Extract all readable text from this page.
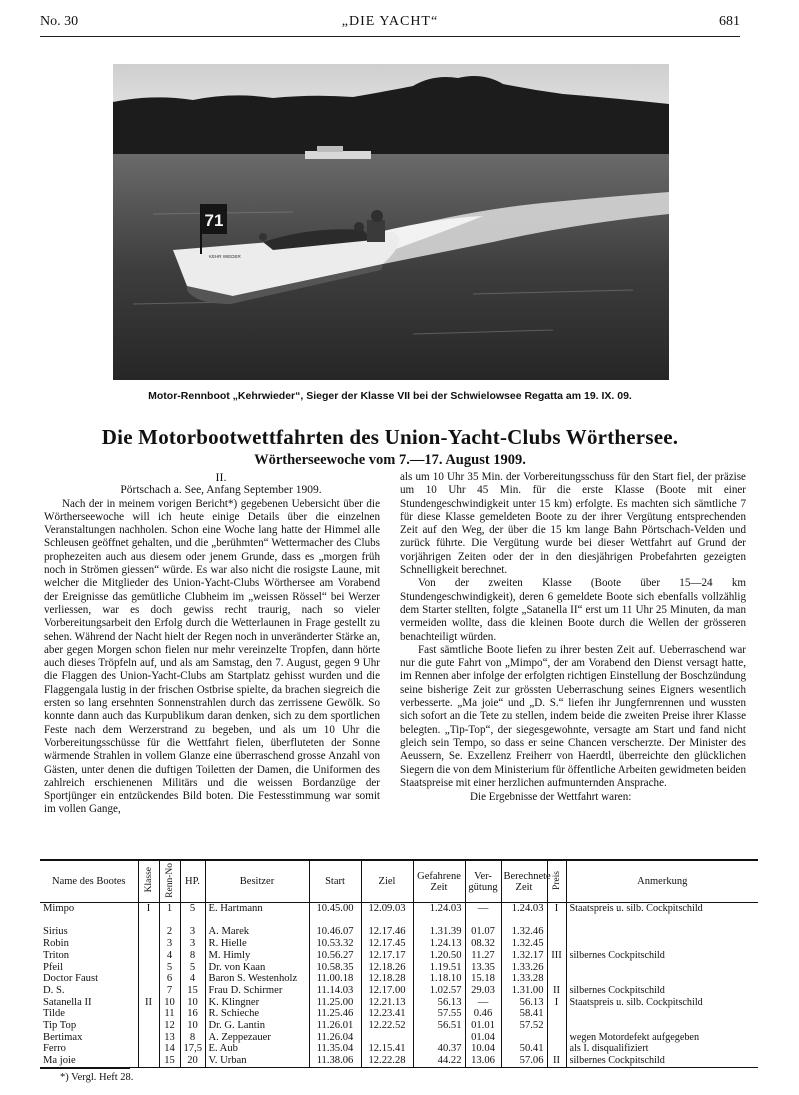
No. 30	„DIE YACHT“	681
71
KEHR WIEDER
Motor-Rennboot „Kehrwieder“, Sieger der Klasse VII bei der Schwielowsee Regatta am 19. IX. 09.
Die Motorbootwettfahrten des Union-Yacht-Clubs Wörthersee.
Wörtherseewoche vom 7.—17. August 1909.

II.

Pörtschach a. See, Anfang September 1909.

Nach der in meinem vorigen Bericht*) gegebenen Uebersicht über die Wörtherseewoche will ich heute einige Details über die einzelnen Veranstaltungen nachholen. Schon eine Woche lang hatte der Himmel alle Schleusen geöffnet gehalten, und die „berühmten“ Wettermacher des Clubs prophezeiten auch aus diesem oder jenem Grunde, dass es „morgen früh noch in Strömen giessen“ würde. Es war also nicht die rosigste Laune, mit welcher die Mitglieder des Union-Yacht-Clubs Wörthersee am Vorabend der Ereignisse das gemütliche Clubheim im „weissen Rössel“ bei Werzer verliessen, war es doch gewiss recht traurig, nach so vieler Vorbereitungsarbeit den Erfolg durch die Wetterlaunen in Frage gestellt zu sehen. Während der Nacht hielt der Regen noch in unveränderter Stärke an, aber gegen Morgen schon fielen nur mehr vereinzelte Tropfen, dann hörte auch dieses Tröpfeln auf, und als am Samstag, den 7. August, gegen 9 Uhr die Flaggen des Union-Yacht-Clubs am Startplatz gehisst wurden und die Flaggengala lustig in der frischen Ostbrise spielte, da brachen siegreich die ersten so lang ersehnten Sonnenstrahlen durch das zerrissene Gewölk. So konnte dann auch das Kurpublikum daran denken, sich zu dem sportlichen Feste nach dem Werzerstrand zu begeben, und als um 10 Uhr die Vorbereitungsschüsse für die Wettfahrt fielen, überfluteten der Sonne wärmende Strahlen in vollem Glanze eine überraschend grosse Anzahl von Gästen, unter denen die duftigen Toiletten der Damen, die Uniformen des zahlreich erschienenen Militärs und die weissen Bordanzüge der Sportjünger ein entzückendes Bild boten. Die Festesstimmung war somit im vollen Gange,

als um 10 Uhr 35 Min. der Vorbereitungsschuss für den Start fiel, der präzise um 10 Uhr 45 Min. für die erste Klasse (Boote mit einer Stundengeschwindigkeit unter 15 km) erfolgte. Es machten sich sämtliche 7 für diese Klasse gemeldeten Boote zu der ihrer Vergütung entsprechenden Zeit auf den Weg, der über die 15 km lange Bahn Pörtschach-Velden und zurück führte. Die Vergütung wurde bei dieser Wettfahrt auf Grund der vorjährigen Zeiten oder der in den diesjährigen Probefahrten gezeigten Schnelligkeit berechnet.

Von der zweiten Klasse (Boote über 15—24 km Stundengeschwindigkeit), deren 6 gemeldete Boote sich ebenfalls vollzählig dem Starter stellten, folgte „Satanella II“ erst um 11 Uhr 25 Minuten, da man vermeiden wollte, dass die kleinen Boote durch die Wellen der grösseren benachteiligt würden.

Fast sämtliche Boote liefen zu ihrer besten Zeit auf. Ueberraschend war nur die gute Fahrt von „Mimpo“, der am Vorabend den Dienst versagt hatte, im Rennen aber infolge der erfolgten richtigen Einstellung der Boschzündung seine bisherige Zeit zur grössten Ueberraschung seines Eigners wesentlich verbesserte. „Ma joie“ und „D. S.“ liefen ihr Jungfernrennen und wussten sich sofort an die Tete zu stellen, indem beide die zweiten Preise ihrer Klasse belegten. „Tip-Top“, der siegesgewohnte, versagte am Start und fand nicht gleich sein Tempo, so dass er seine Chancen verscherzte. Der Minister des Aeussern, Se. Exzellenz Freiherr von Haerdtl, überreichte den glücklichen Siegern die von dem Ministerium für öffentliche Arbeiten gewidmeten beiden Staatspreise mit einer herzlichen aufmunternden Ansprache.

Die Ergebnisse der Wettfahrt waren:

Name des Bootes	Klasse	Renn-No	HP.	Besitzer	Start	Ziel	Gefahrene Zeit	Ver-gütung	Berechnete Zeit	Preis	Anmerkung
Mimpo	I	1	5	E. Hartmann	10.45.00	12.09.03	1.24.03	—	1.24.03	I	Staatspreis u. silb. Cockpitschild

Sirius		2	3	A. Marek	10.46.07	12.17.46	1.31.39	01.07	1.32.46		
Robin		3	3	R. Hielle	10.53.32	12.17.45	1.24.13	08.32	1.32.45		
Triton		4	8	M. Himly	10.56.27	12.17.17	1.20.50	11.27	1.32.17	III	silbernes Cockpitschild
Pfeil		5	5	Dr. von Kaan	10.58.35	12.18.26	1.19.51	13.35	1.33.26		
Doctor Faust		6	4	Baron S. Westenholz	11.00.18	12.18.28	1.18.10	15.18	1.33.28		
D. S.		7	15	Frau D. Schirmer	11.14.03	12.17.00	1.02.57	29.03	1.31.00	II	silbernes Cockpitschild
Satanella II	II	10	10	K. Klingner	11.25.00	12.21.13	56.13	—	56.13	I	Staatspreis u. silb. Cockpitschild
Tilde		11	16	R. Schieche	11.25.46	12.23.41	57.55	0.46	58.41		
Tip Top		12	10	Dr. G. Lantin	11.26.01	12.22.52	56.51	01.01	57.52		
Bertimax		13	8	A. Zeppezauer	11.26.04			01.04			wegen Motordefekt aufgegeben
Ferro		14	17,5	E. Aub	11.35.04	12.15.41	40.37	10.04	50.41		als I. disqualifiziert
Ma joie		15	20	V. Urban	11.38.06	12.22.28	44.22	13.06	57.06	II	silbernes Cockpitschild
*) Vergl. Heft 28.
